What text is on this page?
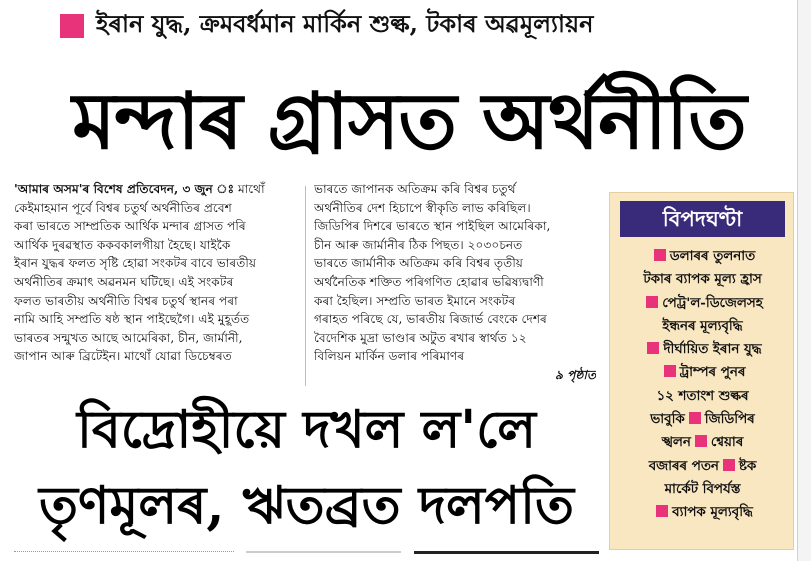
ইৰান যুদ্ধ, ক্ৰমবৰ্ধমান মাৰ্কিন শুল্ক, টকাৰ অৱমূল্যায়ন
মন্দাৰ গ্ৰাসত অৰ্থনীতি
'আমাৰ অসম'ৰ বিশেষ প্ৰতিবেদন, ৩ জুন ঃ মাথোঁ
কেইমাহমান পূৰ্বে বিশ্বৰ চতুৰ্থ অৰ্থনীতিৰ প্ৰবেশ
কৰা ভাৰতে সাম্প্ৰতিক আৰ্থিক মন্দাৰ গ্ৰাসত পৰি
আৰ্থিক দুৰৱস্থাত ককবকালগীয়া হৈছে। যাইকৈ
ইৰান যুদ্ধৰ ফলত সৃষ্টি হোৱা সংকটৰ বাবে ভাৰতীয়
অৰ্থনীতিৰ ক্ৰমাৎ অৱনমন ঘটিছে। এই সংকটৰ
ফলত ভাৰতীয় অৰ্থনীতি বিশ্বৰ চতুৰ্থ স্থানৰ পৰা
নামি আহি সম্প্ৰতি ষষ্ঠ স্থান পাইছেগৈ। এই মুহূৰ্তত
ভাৰতৰ সন্মুখত আছে আমেৰিকা, চীন, জাৰ্মানী,
জাপান আৰু ব্ৰিটেইন। মাথোঁ যোৱা ডিচেম্বৰত
ভাৰতে জাপানক অতিক্ৰম কৰি বিশ্বৰ চতুৰ্থ
অৰ্থনীতিৰ দেশ হিচাপে স্বীকৃতি লাভ কৰিছিল।
জিডিপিৰ দিশৰে ভাৰতে স্থান পাইছিল আমেৰিকা,
চীন আৰু জাৰ্মানীৰ ঠিক পিছত। ২০৩০চনত
ভাৰতে জাৰ্মানীক অতিক্ৰম কৰি বিশ্বৰ তৃতীয়
অৰ্থনৈতিক শক্তিত পৰিগণিত হোৱাৰ ভৱিষ্যদ্বাণী
কৰা হৈছিল। সম্প্ৰতি ভাৰত ইমানে সংকটৰ
গৰাহত পৰিছে যে, ভাৰতীয় ৰিজাৰ্ভ বেংকে দেশৰ
বৈদেশিক মুদ্ৰা ভাণ্ডাৰ অটুত ৰখাৰ স্বাৰ্থত ১২
বিলিয়ন মাৰ্কিন ডলাৰ পৰিমাণৰ
৯ পৃষ্ঠাত
বিপদঘণ্টা
ডলাৰৰ তুলনাত
টকাৰ ব্যাপক মূল্য হ্ৰাস
পেট্ৰ'ল-ডিজেলসহ
ইন্ধনৰ মূল্যবৃদ্ধি
দীৰ্ঘায়িত ইৰান যুদ্ধ
ট্ৰাম্পৰ পুনৰ
১২ শতাংশ শুল্কৰ
ভাবুকি জিডিপিৰ
স্খলন শ্বেয়াৰ
বজাৰৰ পতন ষ্টক
মাৰ্কেট বিপৰ্যস্ত
ব্যাপক মূল্যবৃদ্ধি
বিদ্ৰোহীয়ে দখল ল'লে
তৃণমূলৰ, ঋতব্ৰত দলপতি
